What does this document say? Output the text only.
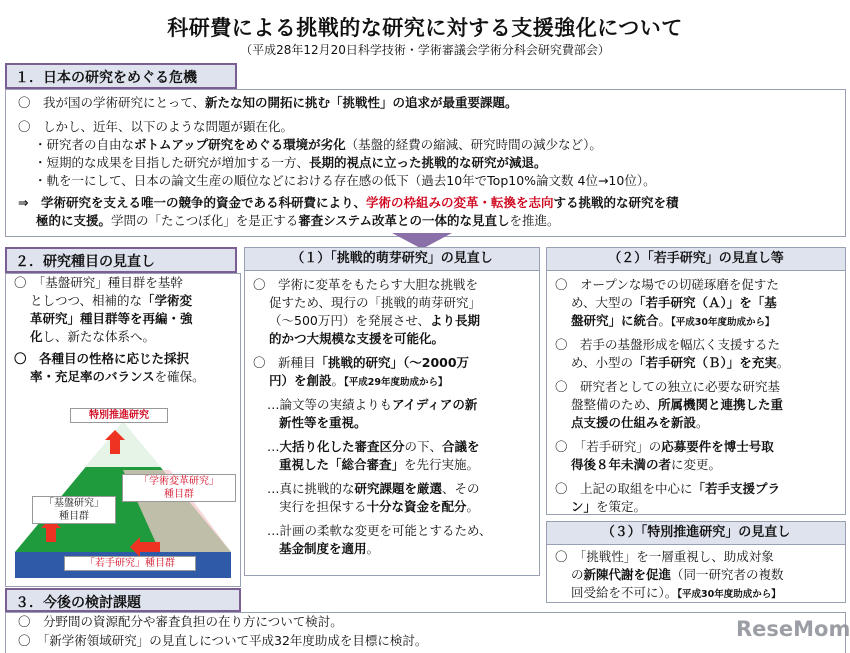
科研費による挑戦的な研究に対する支援強化について
（平成28年12月20日科学技術・学術審議会学術分科会研究費部会）
１．日本の研究をめぐる危機
〇　我が国の学術研究にとって、新たな知の開拓に挑む「挑戦性」の追求が最重要課題。
〇　しかし、近年、以下のような問題が顕在化。
・研究者の自由なボトムアップ研究をめぐる環境が劣化（基盤的経費の縮減、研究時間の減少など）。
・短期的な成果を目指した研究が増加する一方、長期的視点に立った挑戦的な研究が減退。
・軌を一にして、日本の論文生産の順位などにおける存在感の低下（過去10年でTop10%論文数 4位→10位）。
⇒　学術研究を支える唯一の競争的資金である科研費により、学術の枠組みの変革・転換を志向する挑戦的な研究を積
極的に支援。学問の「たこつぼ化」を是正する審査システム改革との一体的な見直しを推進。
２．研究種目の見直し
〇　「基盤研究」種目群を基幹
としつつ、相補的な「学術変
革研究」種目群等を再編・強
化し、新たな体系へ。
〇　各種目の性格に応じた採択
率・充足率のバランスを確保。
特別推進研究
「学術変革研究」
種目群
「基盤研究」
種目群
「若手研究」種目群
（１）「挑戦的萌芽研究」の見直し
〇　学術に変革をもたらす大胆な挑戦を
促すため、現行の「挑戦的萌芽研究」
（～500万円）を発展させ、より長期
的かつ大規模な支援を可能化。
〇　新種目「挑戦的研究」（～2000万
円）を創設。【平成29年度助成から】
…論文等の実績よりもアイディアの新
新性等を重視。
…大括り化した審査区分の下、合議を
重視した「総合審査」を先行実施。
…真に挑戦的な研究課題を厳選、その
実行を担保する十分な資金を配分。
…計画の柔軟な変更を可能とするため、
基金制度を適用。
（２）「若手研究」の見直し等
〇　オープンな場での切磋琢磨を促すた
め、大型の「若手研究（Ａ）」を「基
盤研究」に統合。【平成30年度助成から】
〇　若手の基盤形成を幅広く支援するた
め、小型の「若手研究（Ｂ）」を充実。
〇　研究者としての独立に必要な研究基
盤整備のため、所属機関と連携した重
点支援の仕組みを新設。
〇　「若手研究」の応募要件を博士号取
得後８年未満の者に変更。
〇　上記の取組を中心に「若手支援プラ
ン」を策定。
（３）「特別推進研究」の見直し
〇　「挑戦性」を一層重視し、助成対象
の新陳代謝を促進（同一研究者の複数
回受給を不可に）。【平成30年度助成から】
３．今後の検討課題
〇　分野間の資源配分や審査負担の在り方について検討。
〇　「新学術領域研究」の見直しについて平成32年度助成を目標に検討。	ReseMom
